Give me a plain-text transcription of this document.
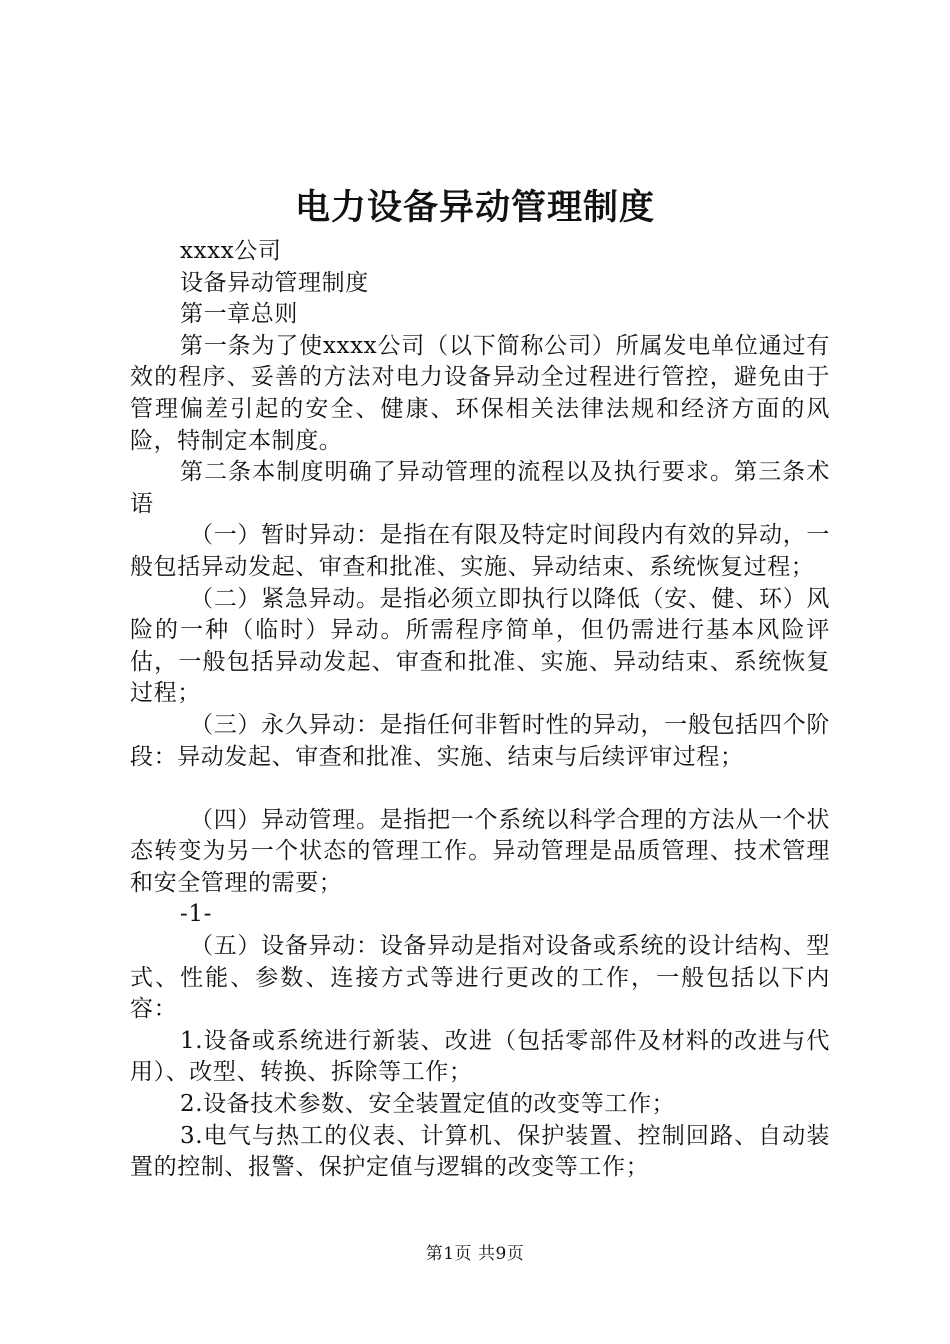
电力设备异动管理制度

xxxx公司

设备异动管理制度

第一章总则

第一条为了使xxxx公司（以下简称公司）所属发电单位通过有效的程序、妥善的方法对电力设备异动全过程进行管控，避免由于管理偏差引起的安全、健康、环保相关法律法规和经济方面的风险，特制定本制度。

第二条本制度明确了异动管理的流程以及执行要求。第三条术语

（一）暂时异动：是指在有限及特定时间段内有效的异动，一般包括异动发起、审查和批准、实施、异动结束、系统恢复过程；

（二）紧急异动。是指必须立即执行以降低（安、健、环）风险的一种（临时）异动。所需程序简单，但仍需进行基本风险评估，一般包括异动发起、审查和批准、实施、异动结束、系统恢复过程；

（三）永久异动：是指任何非暂时性的异动，一般包括四个阶段：异动发起、审查和批准、实施、结束与后续评审过程；

（四）异动管理。是指把一个系统以科学合理的方法从一个状态转变为另一个状态的管理工作。异动管理是品质管理、技术管理和安全管理的需要；

-1-

（五）设备异动：设备异动是指对设备或系统的设计结构、型式、性能、参数、连接方式等进行更改的工作，一般包括以下内容：

1.设备或系统进行新装、改进（包括零部件及材料的改进与代用）、改型、转换、拆除等工作；

2.设备技术参数、安全装置定值的改变等工作；

3.电气与热工的仪表、计算机、保护装置、控制回路、自动装置的控制、报警、保护定值与逻辑的改变等工作；

第1页 共9页
